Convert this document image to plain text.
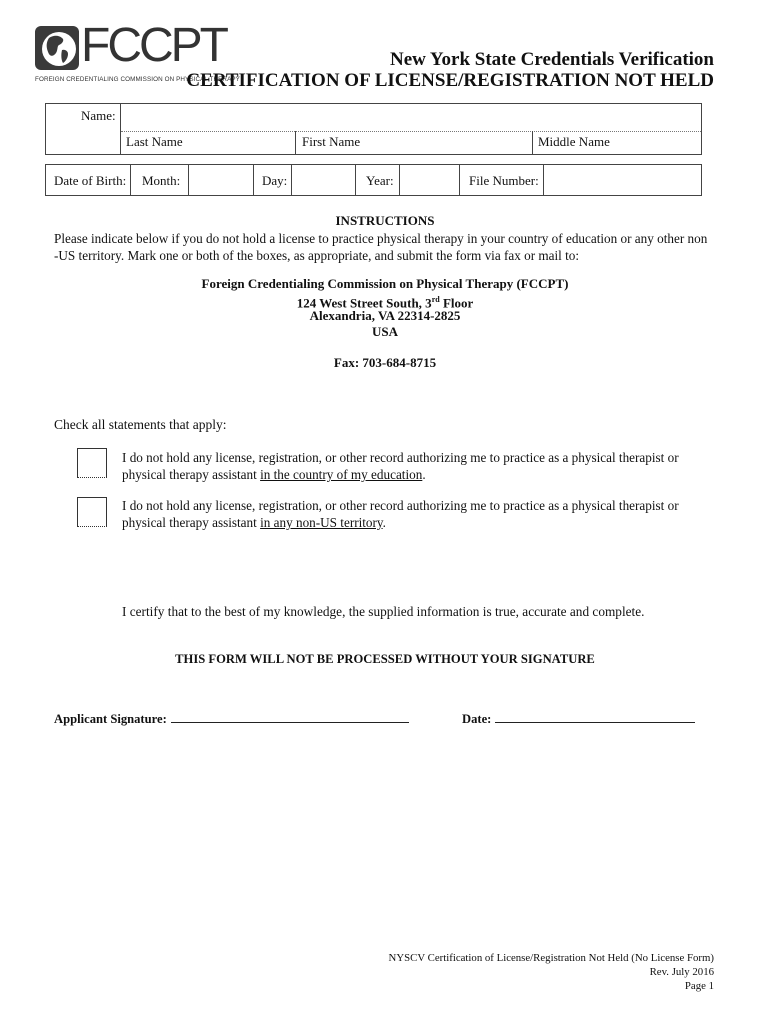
FCCPT
FOREIGN CREDENTIALING COMMISSION ON PHYSICAL THERAPY
New York State Credentials Verification
CERTIFICATION OF LICENSE/REGISTRATION NOT HELD
Name:
Last Name	First Name	Middle Name
Date of Birth: Month:	Day:	Year:	File Number:
INSTRUCTIONS
Please indicate below if you do not hold a license to practice physical therapy in your country of education or any other non -US territory. Mark one or both of the boxes, as appropriate, and submit the form via fax or mail to:
Foreign Credentialing Commission on Physical Therapy (FCCPT)
124 West Street South, 3rd Floor
Alexandria, VA 22314-2825
USA
Fax: 703-684-8715
Check all statements that apply:
I do not hold any license, registration, or other record authorizing me to practice as a physical therapist or physical therapy assistant in the country of my education.
I do not hold any license, registration, or other record authorizing me to practice as a physical therapist or physical therapy assistant in any non-US territory.
I certify that to the best of my knowledge, the supplied information is true, accurate and complete.
THIS FORM WILL NOT BE PROCESSED WITHOUT YOUR SIGNATURE
Applicant Signature:	Date:
NYSCV Certification of License/Registration Not Held (No License Form)
Rev. July 2016
Page 1
